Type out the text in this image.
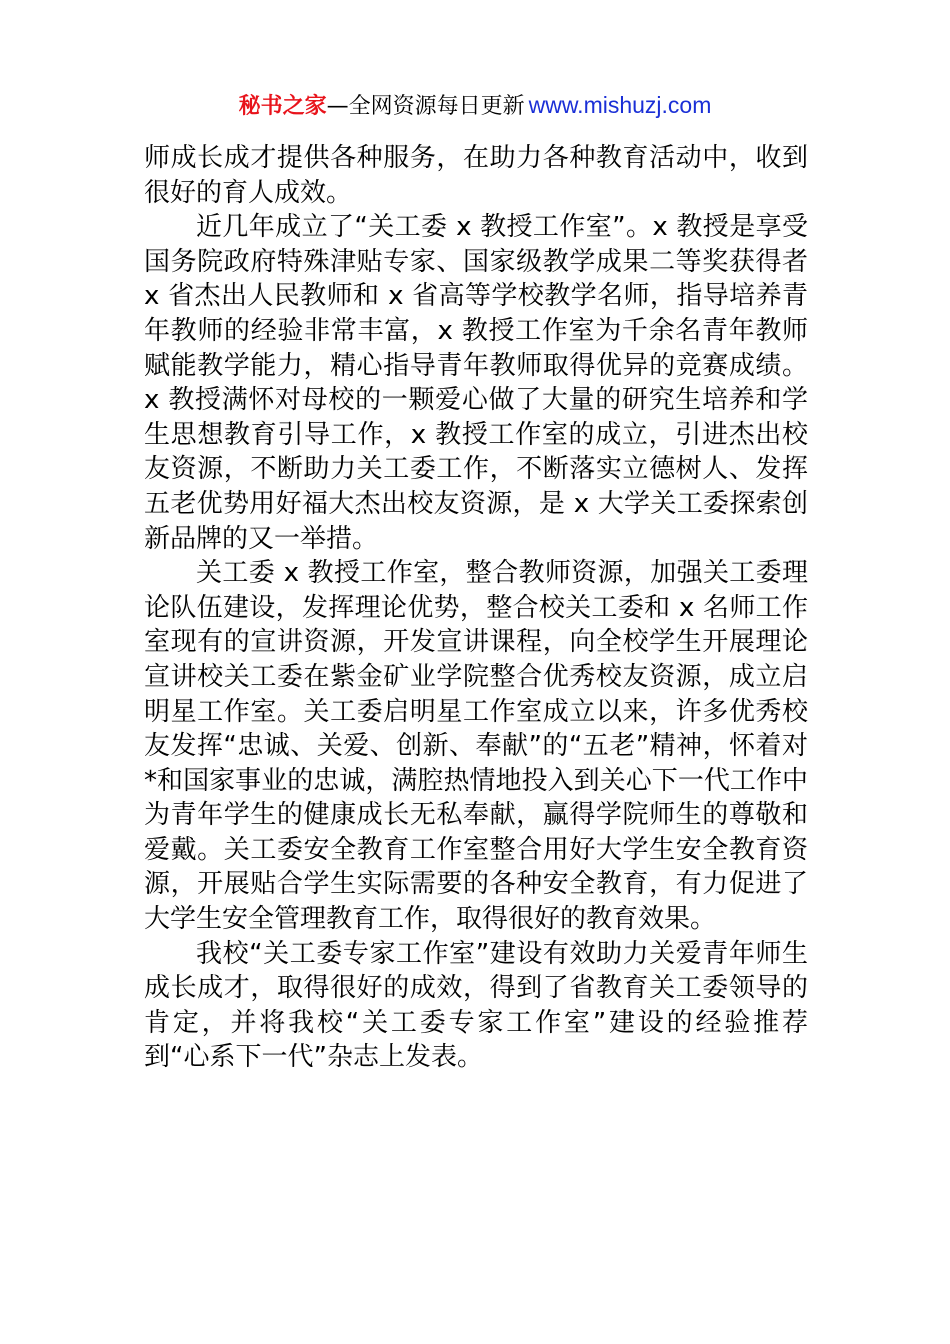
秘书之家—全网资源每日更新 www.mishuzj.com

师成长成才提供各种服务，在助力各种教育活动中，收到很好的育人成效。

近几年成立了“关工委 x 教授工作室”。x 教授是享受国务院政府特殊津贴专家、国家级教学成果二等奖获得者 x 省杰出人民教师和 x 省高等学校教学名师，指导培养青年教师的经验非常丰富，x 教授工作室为千余名青年教师赋能教学能力，精心指导青年教师取得优异的竞赛成绩。x 教授满怀对母校的一颗爱心做了大量的研究生培养和学生思想教育引导工作，x 教授工作室的成立，引进杰出校友资源，不断助力关工委工作，不断落实立德树人、发挥五老优势用好福大杰出校友资源，是 x 大学关工委探索创新品牌的又一举措。

关工委 x 教授工作室，整合教师资源，加强关工委理论队伍建设，发挥理论优势，整合校关工委和 x 名师工作室现有的宣讲资源，开发宣讲课程，向全校学生开展理论宣讲校关工委在紫金矿业学院整合优秀校友资源，成立启明星工作室。关工委启明星工作室成立以来，许多优秀校友发挥“忠诚、关爱、创新、奉献”的“五老”精神，怀着对*和国家事业的忠诚，满腔热情地投入到关心下一代工作中为青年学生的健康成长无私奉献，赢得学院师生的尊敬和爱戴。关工委安全教育工作室整合用好大学生安全教育资源，开展贴合学生实际需要的各种安全教育，有力促进了大学生安全管理教育工作，取得很好的教育效果。

我校“关工委专家工作室”建设有效助力关爱青年师生成长成才，取得很好的成效，得到了省教育关工委领导的肯定，并将我校“关工委专家工作室”建设的经验推荐到“心系下一代”杂志上发表。
